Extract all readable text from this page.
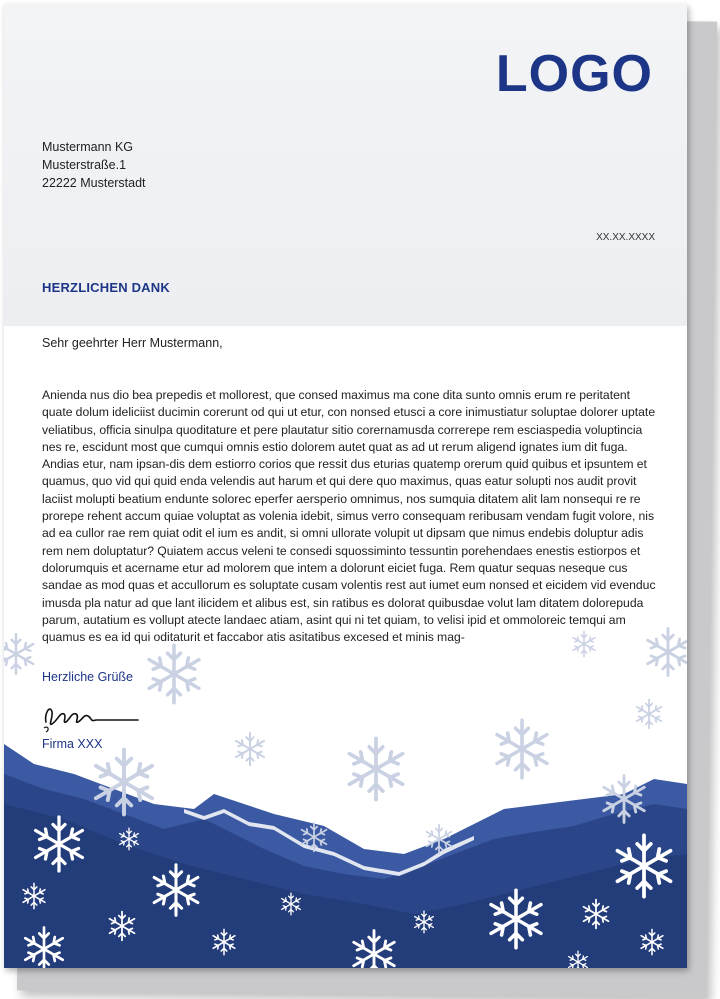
LOGO
Mustermann KG
Musterstraße.1
22222 Musterstadt
XX.XX.XXXX
HERZLICHEN DANK
Sehr geehrter Herr Mustermann,
Anienda nus dio bea prepedis et mollorest, que consed maximus ma cone dita sunto omnis erum re peritatent quate dolum ideliciist ducimin corerunt od qui ut etur, con nonsed etusci a core inimustiatur soluptae dolorer uptate veliatibus, officia sinulpa quoditature et pere plautatur sitio corernamusda correrepe rem esciaspedia voluptincia nes re, escidunt most que cumqui omnis estio dolorem autet quat as ad ut rerum aligend ignates ium dit fuga. Andias etur, nam ipsan-dis dem estiorro corios que ressit dus eturias quatemp orerum quid quibus et ipsuntem et quamus, quo vid qui quid enda velendis aut harum et qui dere quo maximus, quas eatur solupti nos audit provit laciist molupti beatium endunte solorec eperfer aersperio omnimus, nos sumquia ditatem alit lam nonsequi re re prorepe rehent accum quiae voluptat as volenia idebit, simus verro consequam reribusam vendam fugit volore, nis ad ea cullor rae rem quiat odit el ium es andit, si omni ullorate volupit ut dipsam que nimus endebis doluptur adis rem nem doluptatur? Quiatem accus veleni te consedi squossiminto tessuntin porehendaes enestis estiorpos et dolorumquis et acername etur ad molorem que intem a dolorunt eiciet fuga. Rem quatur sequas neseque cus sandae as mod quas et accullorum es soluptate cusam volentis rest aut iumet eum nonsed et eicidem vid evenduc imusda pla natur ad que lant ilicidem et alibus est, sin ratibus es dolorat quibusdae volut lam ditatem dolorepuda parum, autatium es vollupt atecte landaec atiam, asint qui ni tet quiam, to velisi ipid et ommoloreic temqui am quamus es ea id qui oditaturit et faccabor atis asitatibus excesed et minis mag-
Herzliche Grüße
Firma XXX
